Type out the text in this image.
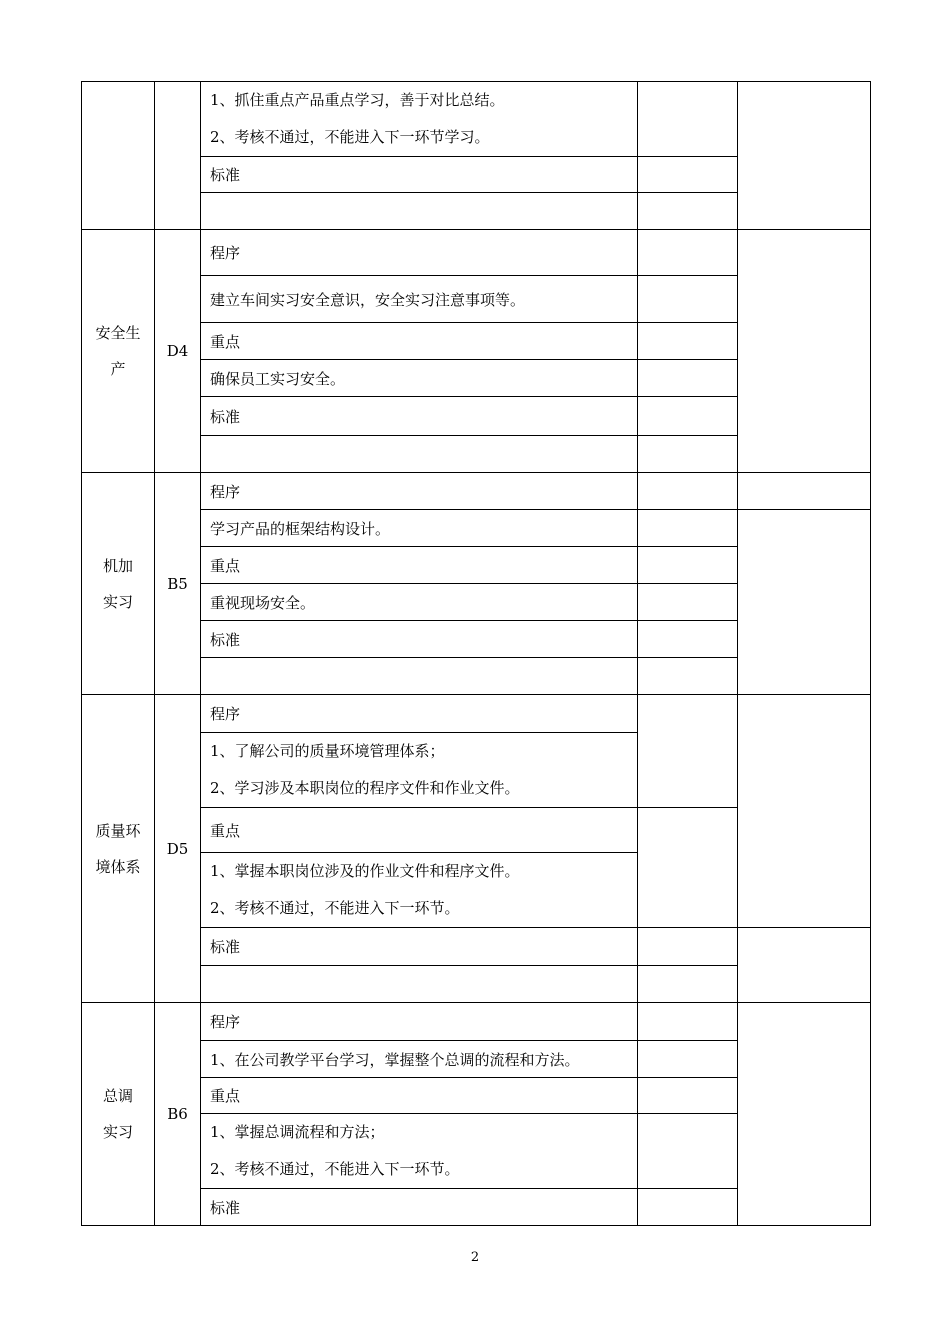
		1、抓住重点产品重点学习，善于对比总结。
2、考核不通过，不能进入下一环节学习。		

		标准		

安全生
产	D4	程序		
		建立车间实习安全意识，安全实习注意事项等。		
		重点		
		确保员工实习安全。		
		标准		

机加
实习	B5	程序		
		学习产品的框架结构设计。		
		重点		
		重视现场安全。		
		标准		

质量环
境体系	D5	程序		

		1、了解公司的质量环境管理体系；
2、学习涉及本职岗位的程序文件和作业文件。		

		重点		

		1、掌握本职岗位涉及的作业文件和程序文件。
2、考核不通过，不能进入下一环节。		

		标准		

总调
实习	B6	程序		
		1、在公司教学平台学习，掌握整个总调的流程和方法。		
		重点		

		1、掌握总调流程和方法；
2、考核不通过，不能进入下一环节。		

		标准		
2
